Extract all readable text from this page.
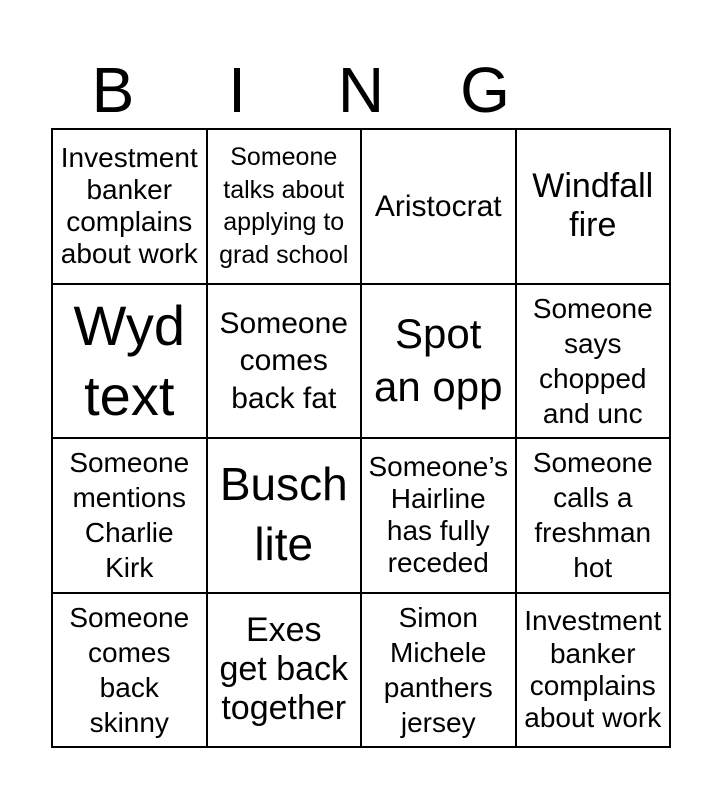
B	I	N	G
Investment
banker
complains
about work
Someone
talks about
applying to
grad school
Aristocrat
Windfall
fire
Wyd
text
Someone
comes
back fat
Spot
an opp
Someone
says
chopped
and unc
Someone
mentions
Charlie
Kirk
Busch
lite
Someone’s
Hairline
has fully
receded
Someone
calls a
freshman
hot
Someone
comes
back
skinny
Exes
get back
together
Simon
Michele
panthers
jersey
Investment
banker
complains
about work
